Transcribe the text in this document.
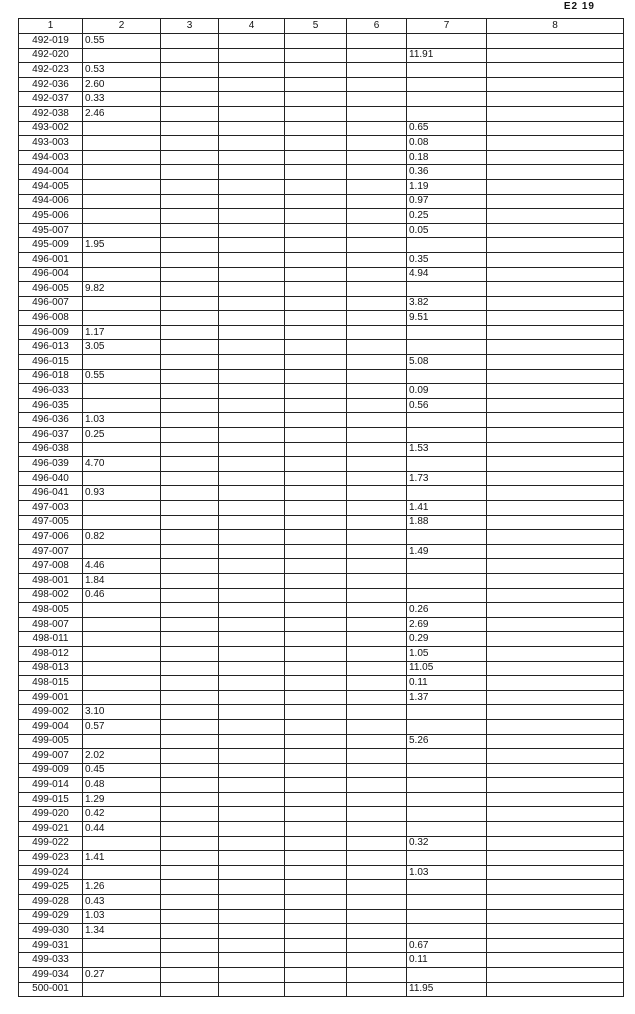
E2 19
1	2	3	4	5	6	7	8
492-019	0.55						
492-020						11.91	
492-023	0.53						
492-036	2.60						
492-037	0.33						
492-038	2.46						
493-002						0.65	
493-003						0.08	
494-003						0.18	
494-004						0.36	
494-005						1.19	
494-006						0.97	
495-006						0.25	
495-007						0.05	
495-009	1.95						
496-001						0.35	
496-004						4.94	
496-005	9.82						
496-007						3.82	
496-008						9.51	
496-009	1.17						
496-013	3.05						
496-015						5.08	
496-018	0.55						
496-033						0.09	
496-035						0.56	
496-036	1.03						
496-037	0.25						
496-038						1.53	
496-039	4.70						
496-040						1.73	
496-041	0.93						
497-003						1.41	
497-005						1.88	
497-006	0.82						
497-007						1.49	
497-008	4.46						
498-001	1.84						
498-002	0.46						
498-005						0.26	
498-007						2.69	
498-011						0.29	
498-012						1.05	
498-013						11.05	
498-015						0.11	
499-001						1.37	
499-002	3.10						
499-004	0.57						
499-005						5.26	
499-007	2.02						
499-009	0.45						
499-014	0.48						
499-015	1.29						
499-020	0.42						
499-021	0.44						
499-022						0.32	
499-023	1.41						
499-024						1.03	
499-025	1.26						
499-028	0.43						
499-029	1.03						
499-030	1.34						
499-031						0.67	
499-033						0.11	
499-034	0.27						
500-001						11.95	
